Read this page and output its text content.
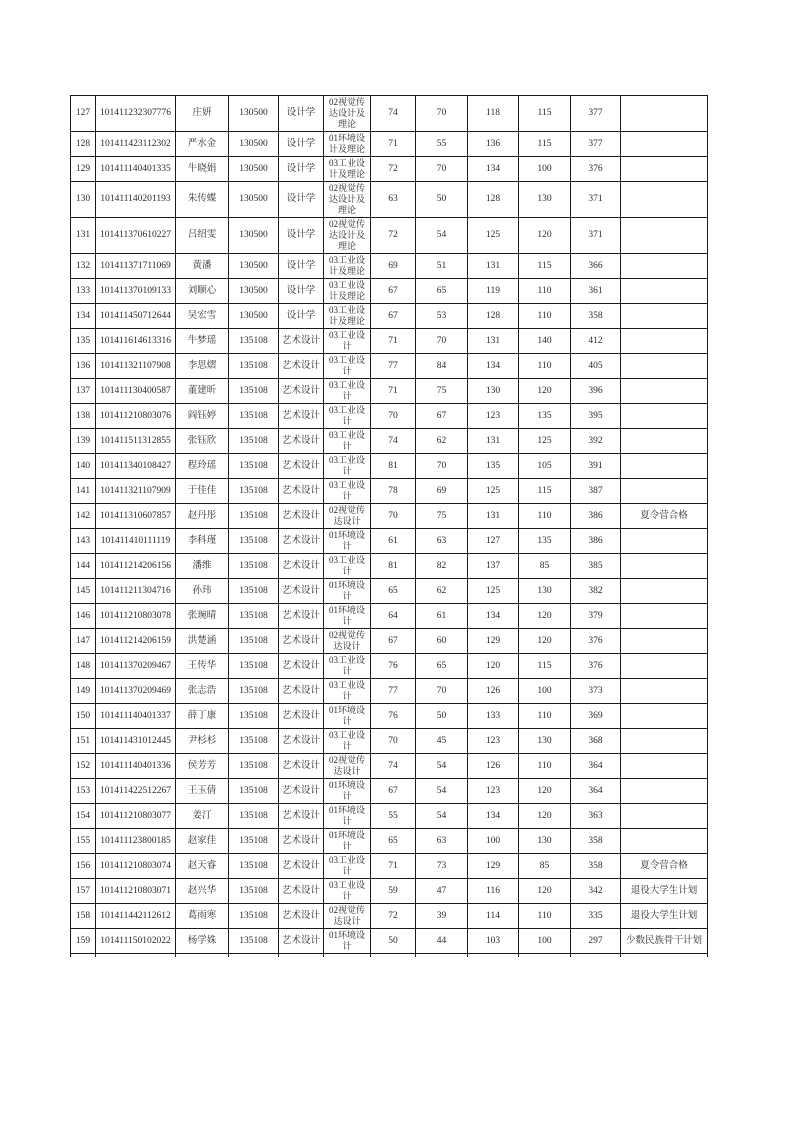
127	101411232307776	庄妍	130500	设计学	02视觉传达设计及理论	74	70	118	115	377	
128	101411423112302	严水金	130500	设计学	01环境设计及理论	71	55	136	115	377	
129	101411140401335	牛晓娟	130500	设计学	03工业设计及理论	72	70	134	100	376	
130	101411140201193	朱传蝶	130500	设计学	02视觉传达设计及理论	63	50	128	130	371	
131	101411370610227	吕绍雯	130500	设计学	02视觉传达设计及理论	72	54	125	120	371	
132	101411371711069	黄潘	130500	设计学	03工业设计及理论	69	51	131	115	366	
133	101411370109133	刘顺心	130500	设计学	03工业设计及理论	67	65	119	110	361	
134	101411450712644	吴宏雪	130500	设计学	03工业设计及理论	67	53	128	110	358	
135	101411614613316	牛梦瑶	135108	艺术设计	03工业设计	71	70	131	140	412	
136	101411321107908	李思熠	135108	艺术设计	03工业设计	77	84	134	110	405	
137	101411130400587	董建昕	135108	艺术设计	03工业设计	71	75	130	120	396	
138	101411210803076	阎钰婷	135108	艺术设计	03工业设计	70	67	123	135	395	
139	101411511312855	张钰欣	135108	艺术设计	03工业设计	74	62	131	125	392	
140	101411340108427	程玲瑶	135108	艺术设计	03工业设计	81	70	135	105	391	
141	101411321107909	于佳佳	135108	艺术设计	03工业设计	78	69	125	115	387	
142	101411310607857	赵丹彤	135108	艺术设计	02视觉传达设计	70	75	131	110	386	夏令营合格
143	101411410111119	李科瑾	135108	艺术设计	01环境设计	61	63	127	135	386	
144	101411214206156	潘维	135108	艺术设计	03工业设计	81	82	137	85	385	
145	101411211304716	孙玮	135108	艺术设计	01环境设计	65	62	125	130	382	
146	101411210803078	张琬晴	135108	艺术设计	01环境设计	64	61	134	120	379	
147	101411214206159	洪楚涵	135108	艺术设计	02视觉传达设计	67	60	129	120	376	
148	101411370209467	王传华	135108	艺术设计	03工业设计	76	65	120	115	376	
149	101411370209469	张志浩	135108	艺术设计	03工业设计	77	70	126	100	373	
150	101411140401337	薛丁康	135108	艺术设计	01环境设计	76	50	133	110	369	
151	101411431012445	尹杉杉	135108	艺术设计	03工业设计	70	45	123	130	368	
152	101411140401336	侯芳芳	135108	艺术设计	02视觉传达设计	74	54	126	110	364	
153	101411422512267	王玉倩	135108	艺术设计	01环境设计	67	54	123	120	364	
154	101411210803077	姜汀	135108	艺术设计	01环境设计	55	54	134	120	363	
155	101411123800185	赵家佳	135108	艺术设计	01环境设计	65	63	100	130	358	
156	101411210803074	赵天睿	135108	艺术设计	03工业设计	71	73	129	85	358	夏令营合格
157	101411210803071	赵兴华	135108	艺术设计	03工业设计	59	47	116	120	342	退役大学生计划
158	101411442112612	葛雨寒	135108	艺术设计	02视觉传达设计	72	39	114	110	335	退役大学生计划
159	101411150102022	杨学姝	135108	艺术设计	01环境设计	50	44	103	100	297	少数民族骨干计划
